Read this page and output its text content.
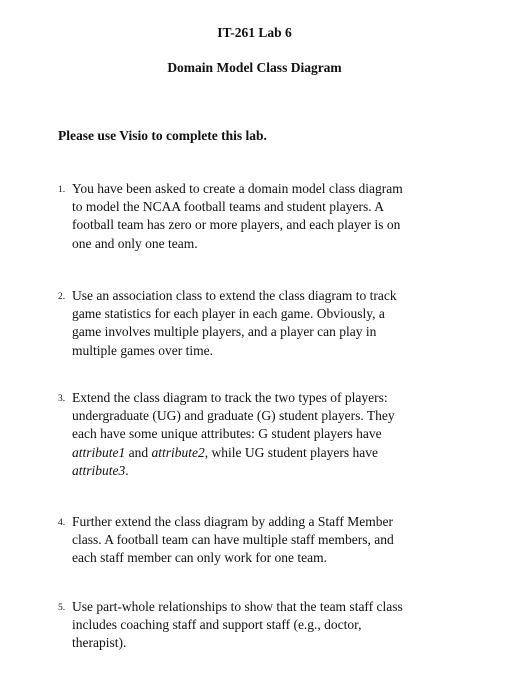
IT-261 Lab 6
Domain Model Class Diagram
Please use Visio to complete this lab.
1. You have been asked to create a domain model class diagram
to model the NCAA football teams and student players. A
football team has zero or more players, and each player is on
one and only one team.
2. Use an association class to extend the class diagram to track
game statistics for each player in each game. Obviously, a
game involves multiple players, and a player can play in
multiple games over time.
3. Extend the class diagram to track the two types of players:
undergraduate (UG) and graduate (G) student players. They
each have some unique attributes: G student players have
attribute1 and attribute2, while UG student players have
attribute3.
4. Further extend the class diagram by adding a Staff Member
class. A football team can have multiple staff members, and
each staff member can only work for one team.
5. Use part-whole relationships to show that the team staff class
includes coaching staff and support staff (e.g., doctor,
therapist).
